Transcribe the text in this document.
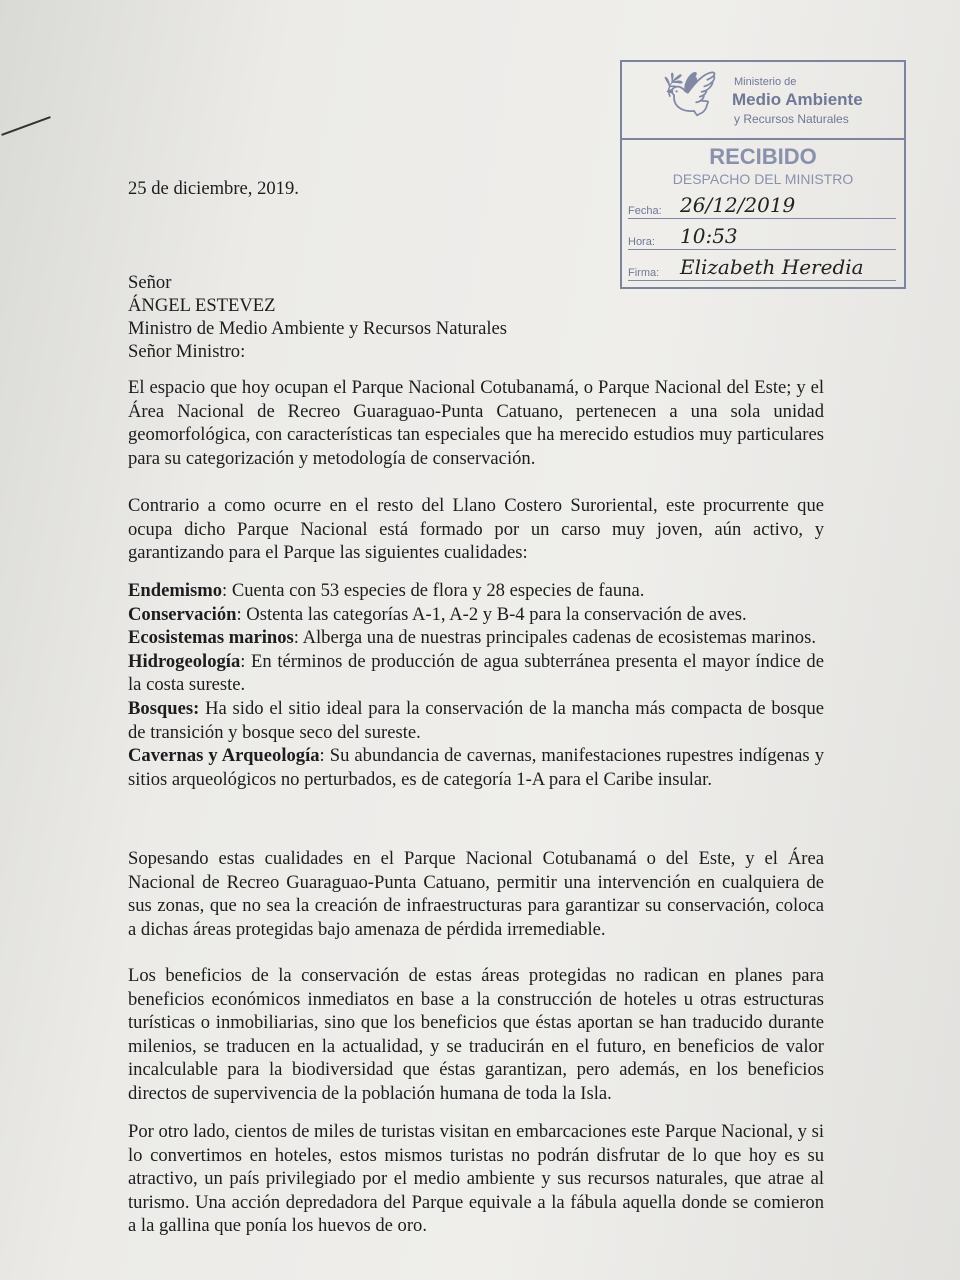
🕊 Ministerio de
Medio Ambiente
y Recursos Naturales
RECIBIDO
DESPACHO DEL MINISTRO
Fecha: 26/12/2019
Hora:	10:53
Firma:	Elizabeth Heredia
25 de diciembre, 2019.
Señor
ÁNGEL ESTEVEZ
Ministro de Medio Ambiente y Recursos Naturales
Señor Ministro:
El espacio que hoy ocupan el Parque Nacional Cotubanamá, o Parque Nacional del Este; y el Área Nacional de Recreo Guaraguao-Punta Catuano, pertenecen a una sola unidad geomorfológica, con características tan especiales que ha merecido estudios muy particulares para su categorización y metodología de conservación.
Contrario a como ocurre en el resto del Llano Costero Suroriental, este procurrente que ocupa dicho Parque Nacional está formado por un carso muy joven, aún activo, y garantizando para el Parque las siguientes cualidades:
Endemismo: Cuenta con 53 especies de flora y 28 especies de fauna.
Conservación: Ostenta las categorías A-1, A-2 y B-4 para la conservación de aves.
Ecosistemas marinos: Alberga una de nuestras principales cadenas de ecosistemas marinos.
Hidrogeología: En términos de producción de agua subterránea presenta el mayor índice de la costa sureste.
Bosques: Ha sido el sitio ideal para la conservación de la mancha más compacta de bosque de transición y bosque seco del sureste.
Cavernas y Arqueología: Su abundancia de cavernas, manifestaciones rupestres indígenas y sitios arqueológicos no perturbados, es de categoría 1-A para el Caribe insular.
Sopesando estas cualidades en el Parque Nacional Cotubanamá o del Este, y el Área Nacional de Recreo Guaraguao-Punta Catuano, permitir una intervención en cualquiera de sus zonas, que no sea la creación de infraestructuras para garantizar su conservación, coloca a dichas áreas protegidas bajo amenaza de pérdida irremediable.
Los beneficios de la conservación de estas áreas protegidas no radican en planes para beneficios económicos inmediatos en base a la construcción de hoteles u otras estructuras turísticas o inmobiliarias, sino que los beneficios que éstas aportan se han traducido durante milenios, se traducen en la actualidad, y se traducirán en el futuro, en beneficios de valor incalculable para la biodiversidad que éstas garantizan, pero además, en los beneficios directos de supervivencia de la población humana de toda la Isla.
Por otro lado, cientos de miles de turistas visitan en embarcaciones este Parque Nacional, y si lo convertimos en hoteles, estos mismos turistas no podrán disfrutar de lo que hoy es su atractivo, un país privilegiado por el medio ambiente y sus recursos naturales, que atrae al turismo. Una acción depredadora del Parque equivale a la fábula aquella donde se comieron a la gallina que ponía los huevos de oro.
